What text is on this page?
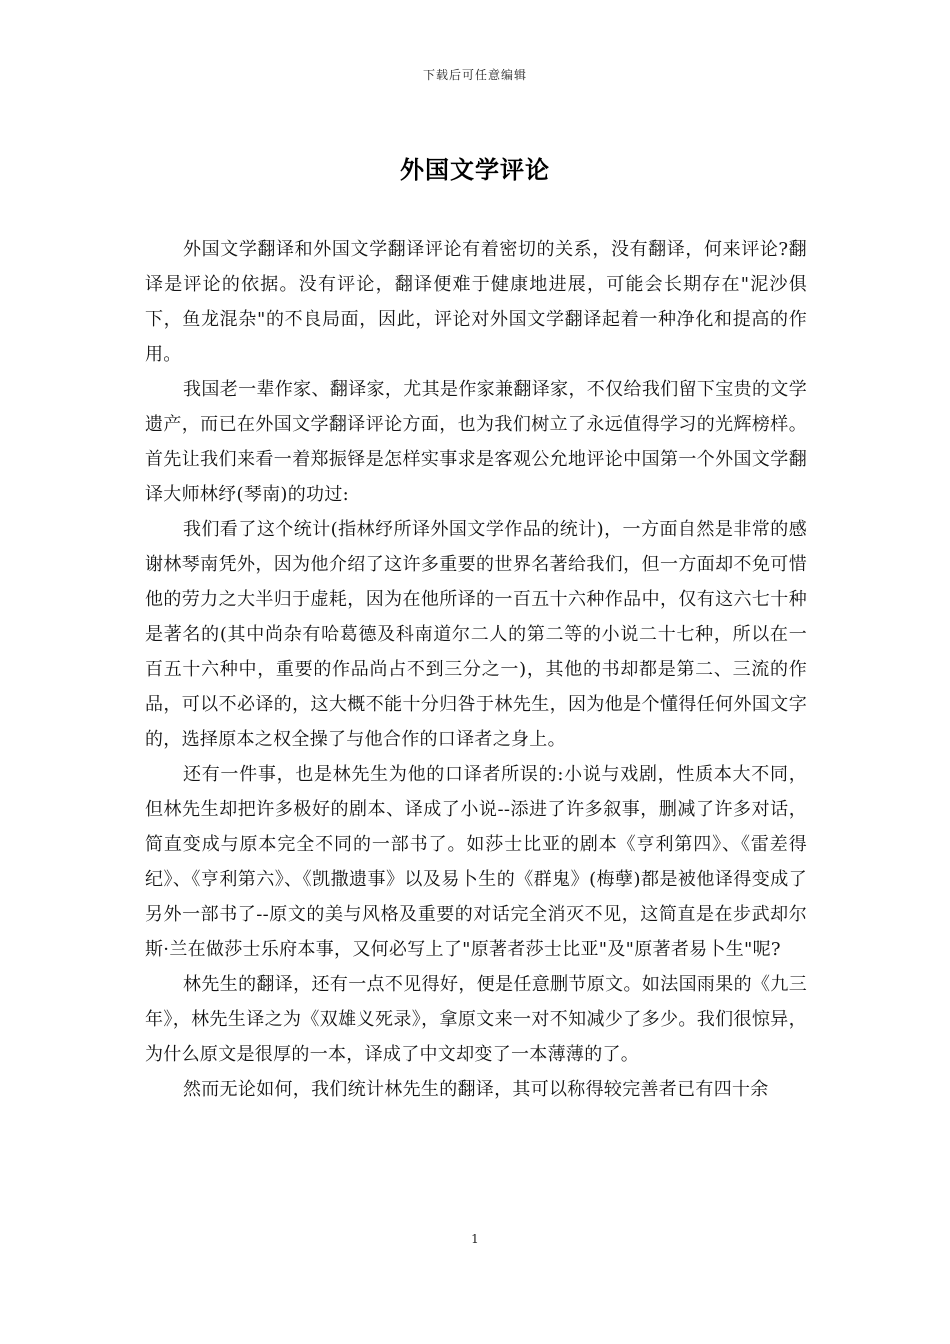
下载后可任意编辑
外国文学评论

外国文学翻译和外国文学翻译评论有着密切的关系，没有翻译，何来评论?翻译是评论的依据。没有评论，翻译便难于健康地进展，可能会长期存在"泥沙俱下，鱼龙混杂"的不良局面，因此，评论对外国文学翻译起着一种净化和提高的作用。

我国老一辈作家、翻译家，尤其是作家兼翻译家，不仅给我们留下宝贵的文学遗产，而已在外国文学翻译评论方面，也为我们树立了永远值得学习的光辉榜样。首先让我们来看一着郑振铎是怎样实事求是客观公允地评论中国第一个外国文学翻译大师林纾(琴南)的功过:

我们看了这个统计(指林纾所译外国文学作品的统计)，一方面自然是非常的感谢林琴南凭外，因为他介绍了这许多重要的世界名著给我们，但一方面却不免可惜他的劳力之大半归于虚耗，因为在他所译的一百五十六种作品中，仅有这六七十种是著名的(其中尚杂有哈葛德及科南道尔二人的第二等的小说二十七种，所以在一百五十六种中，重要的作品尚占不到三分之一)，其他的书却都是第二、三流的作品，可以不必译的，这大概不能十分归咎于林先生，因为他是个懂得任何外国文字的，选择原本之权全操了与他合作的口译者之身上。

还有一件事，也是林先生为他的口译者所误的:小说与戏剧，性质本大不同，但林先生却把许多极好的剧本、译成了小说--添进了许多叙事，删减了许多对话，简直变成与原本完全不同的一部书了。如莎士比亚的剧本《亨利第四》、《雷差得纪》、《亨利第六》、《凯撒遗事》以及易卜生的《群鬼》(梅孽)都是被他译得变成了另外一部书了--原文的美与风格及重要的对话完全消灭不见，这简直是在步武却尔斯·兰在做莎士乐府本事，又何必写上了"原著者莎士比亚"及"原著者易卜生"呢?

林先生的翻译，还有一点不见得好，便是任意删节原文。如法国雨果的《九三年》，林先生译之为《双雄义死录》，拿原文来一对不知减少了多少。我们很惊异，为什么原文是很厚的一本，译成了中文却变了一本薄薄的了。

然而无论如何，我们统计林先生的翻译，其可以称得较完善者已有四十余

1
